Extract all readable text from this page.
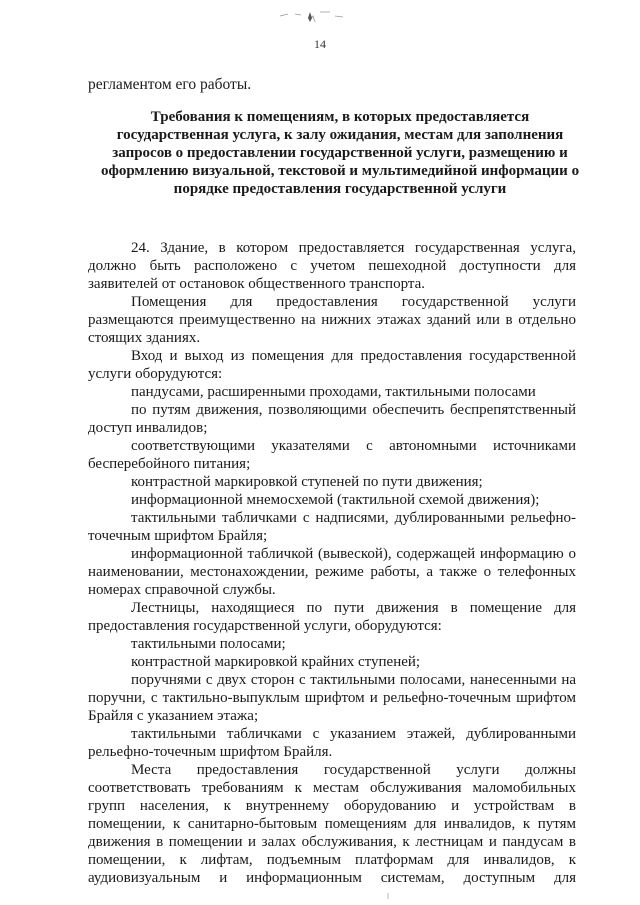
14
регламентом его работы.
Требования к помещениям, в которых предоставляется
государственная услуга, к залу ожидания, местам для заполнения
запросов о предоставлении государственной услуги, размещению и
оформлению визуальной, текстовой и мультимедийной информации о
порядке предоставления государственной услуги
24. Здание, в котором предоставляется государственная услуга,
должно быть расположено с учетом пешеходной доступности для
заявителей от остановок общественного транспорта.
Помещения для предоставления государственной услуги
размещаются преимущественно на нижних этажах зданий или в отдельно
стоящих зданиях.
Вход и выход из помещения для предоставления государственной
услуги оборудуются:
пандусами, расширенными проходами, тактильными полосами
по путям движения, позволяющими обеспечить беспрепятственный
доступ инвалидов;
соответствующими указателями с автономными источниками
бесперебойного питания;
контрастной маркировкой ступеней по пути движения;
информационной мнемосхемой (тактильной схемой движения);
тактильными табличками с надписями, дублированными рельефно-
точечным шрифтом Брайля;
информационной табличкой (вывеской), содержащей информацию о
наименовании, местонахождении, режиме работы, а также о телефонных
номерах справочной службы.
Лестницы, находящиеся по пути движения в помещение для
предоставления государственной услуги, оборудуются:
тактильными полосами;
контрастной маркировкой крайних ступеней;
поручнями с двух сторон с тактильными полосами, нанесенными на
поручни, с тактильно-выпуклым шрифтом и рельефно-точечным шрифтом
Брайля с указанием этажа;
тактильными табличками с указанием этажей, дублированными
рельефно-точечным шрифтом Брайля.
Места предоставления государственной услуги должны
соответствовать требованиям к местам обслуживания маломобильных
групп населения, к внутреннему оборудованию и устройствам в
помещении, к санитарно-бытовым помещениям для инвалидов, к путям
движения в помещении и залах обслуживания, к лестницам и пандусам в
помещении, к лифтам, подъемным платформам для инвалидов, к
аудиовизуальным и информационным системам, доступным для
